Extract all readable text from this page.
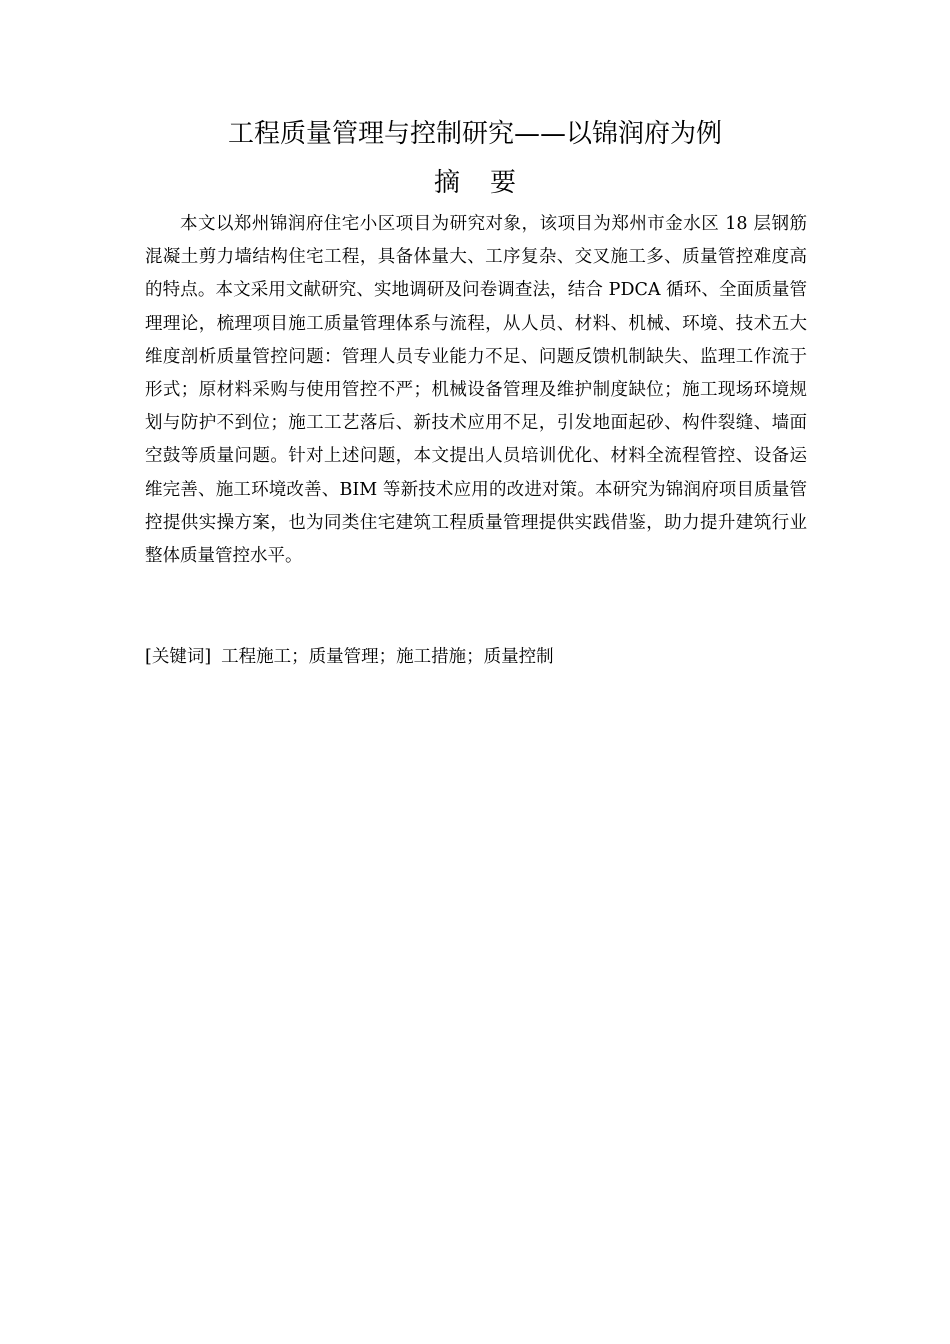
工程质量管理与控制研究——以锦润府为例
摘要

本文以郑州锦润府住宅小区项目为研究对象，该项目为郑州市金水区 18 层钢筋混凝土剪力墙结构住宅工程，具备体量大、工序复杂、交叉施工多、质量管控难度高的特点。本文采用文献研究、实地调研及问卷调查法，结合 PDCA 循环、全面质量管理理论，梳理项目施工质量管理体系与流程，从人员、材料、机械、环境、技术五大维度剖析质量管控问题：管理人员专业能力不足、问题反馈机制缺失、监理工作流于形式；原材料采购与使用管控不严；机械设备管理及维护制度缺位；施工现场环境规划与防护不到位；施工工艺落后、新技术应用不足，引发地面起砂、构件裂缝、墙面空鼓等质量问题。针对上述问题，本文提出人员培训优化、材料全流程管控、设备运维完善、施工环境改善、BIM 等新技术应用的改进对策。本研究为锦润府项目质量管控提供实操方案，也为同类住宅建筑工程质量管理提供实践借鉴，助力提升建筑行业整体质量管控水平。

[关键词] 工程施工；质量管理；施工措施；质量控制
